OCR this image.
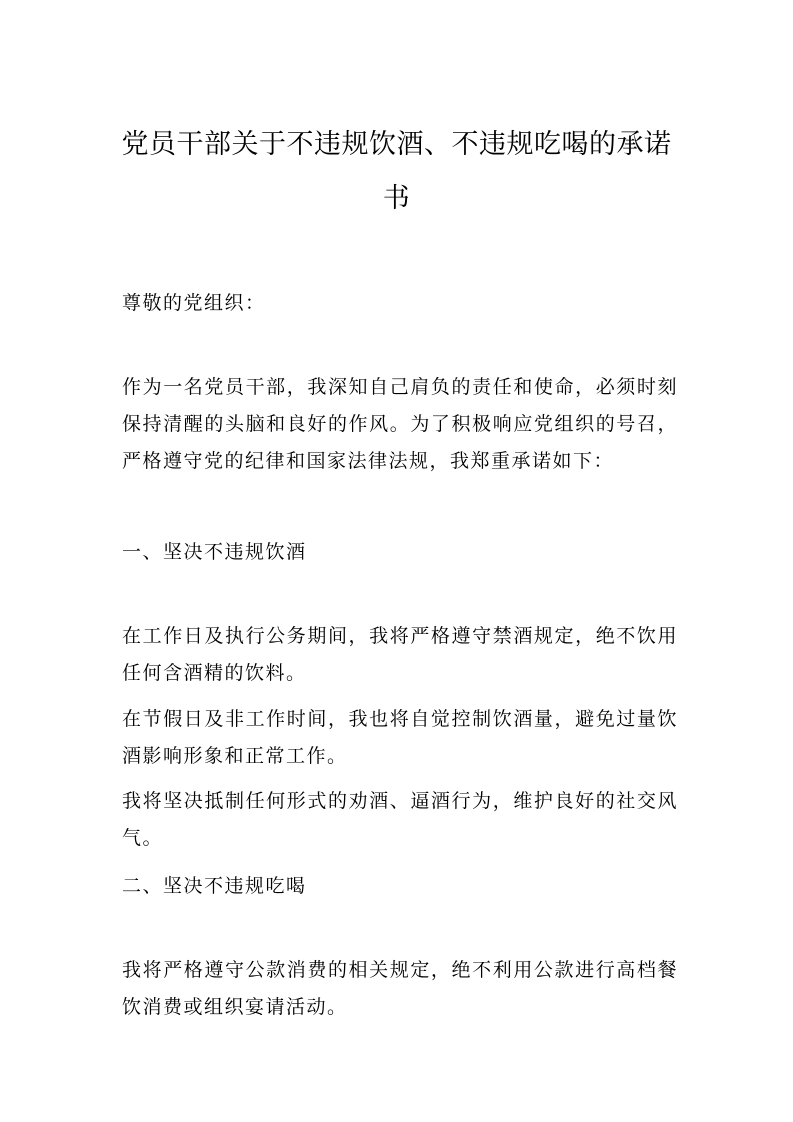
党员干部关于不违规饮酒、不违规吃喝的承诺书

尊敬的党组织：

作为一名党员干部，我深知自己肩负的责任和使命，必须时刻保持清醒的头脑和良好的作风。为了积极响应党组织的号召，严格遵守党的纪律和国家法律法规，我郑重承诺如下：

一、坚决不违规饮酒

在工作日及执行公务期间，我将严格遵守禁酒规定，绝不饮用任何含酒精的饮料。

在节假日及非工作时间，我也将自觉控制饮酒量，避免过量饮酒影响形象和正常工作。

我将坚决抵制任何形式的劝酒、逼酒行为，维护良好的社交风气。

二、坚决不违规吃喝

我将严格遵守公款消费的相关规定，绝不利用公款进行高档餐饮消费或组织宴请活动。
